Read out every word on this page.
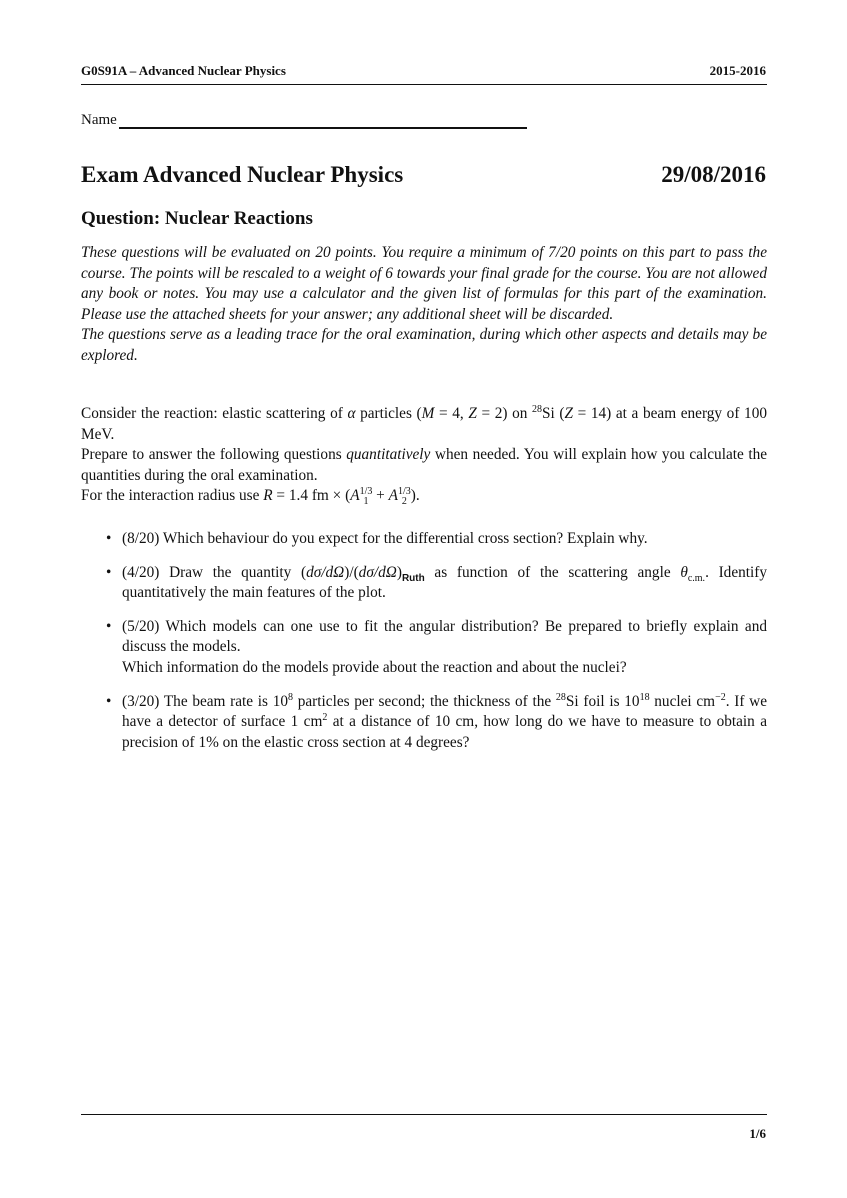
G0S91A – Advanced Nuclear Physics	2015-2016
Name
Exam Advanced Nuclear Physics	29/08/2016
Question: Nuclear Reactions

These questions will be evaluated on 20 points. You require a minimum of 7/20 points on this part to pass the course. The points will be rescaled to a weight of 6 towards your final grade for the course. You are not allowed any book or notes. You may use a calculator and the given list of formulas for this part of the examination. Please use the attached sheets for your answer; any additional sheet will be discarded.

The questions serve as a leading trace for the oral examination, during which other aspects and details may be explored.

Consider the reaction: elastic scattering of α particles (M = 4, Z = 2) on $^{28}$Si (Z = 14) at a beam energy of 100 MeV.

Prepare to answer the following questions quantitatively when needed. You will explain how you calculate the quantities during the oral examination.

For the interaction radius use R = 1.4 fm × (A1/3
1 + A1/3
2 ).

• (8/20) Which behaviour do you expect for the differential cross section? Explain why.
• (4/20) Draw the quantity $(d\sigma/d\Omega)/(d\sigma/d\Omega)_{Ruth}$ as function of the scattering angle $\theta_{c.m.}$. Identify quantitatively the main features of the plot.
• (5/20) Which models can one use to fit the angular distribution? Be prepared to briefly explain and discuss the models.
Which information do the models provide about the reaction and about the nuclei?
• (3/20) The beam rate is $10^8$ particles per second; the thickness of the $^{28}$Si foil is $10^{18}$ nuclei $cm^{-2}$. If we have a detector of surface 1 $cm^2$ at a distance of 10 cm, how long do we have to measure to obtain a precision of 1% on the elastic cross section at 4 degrees?
1/6
